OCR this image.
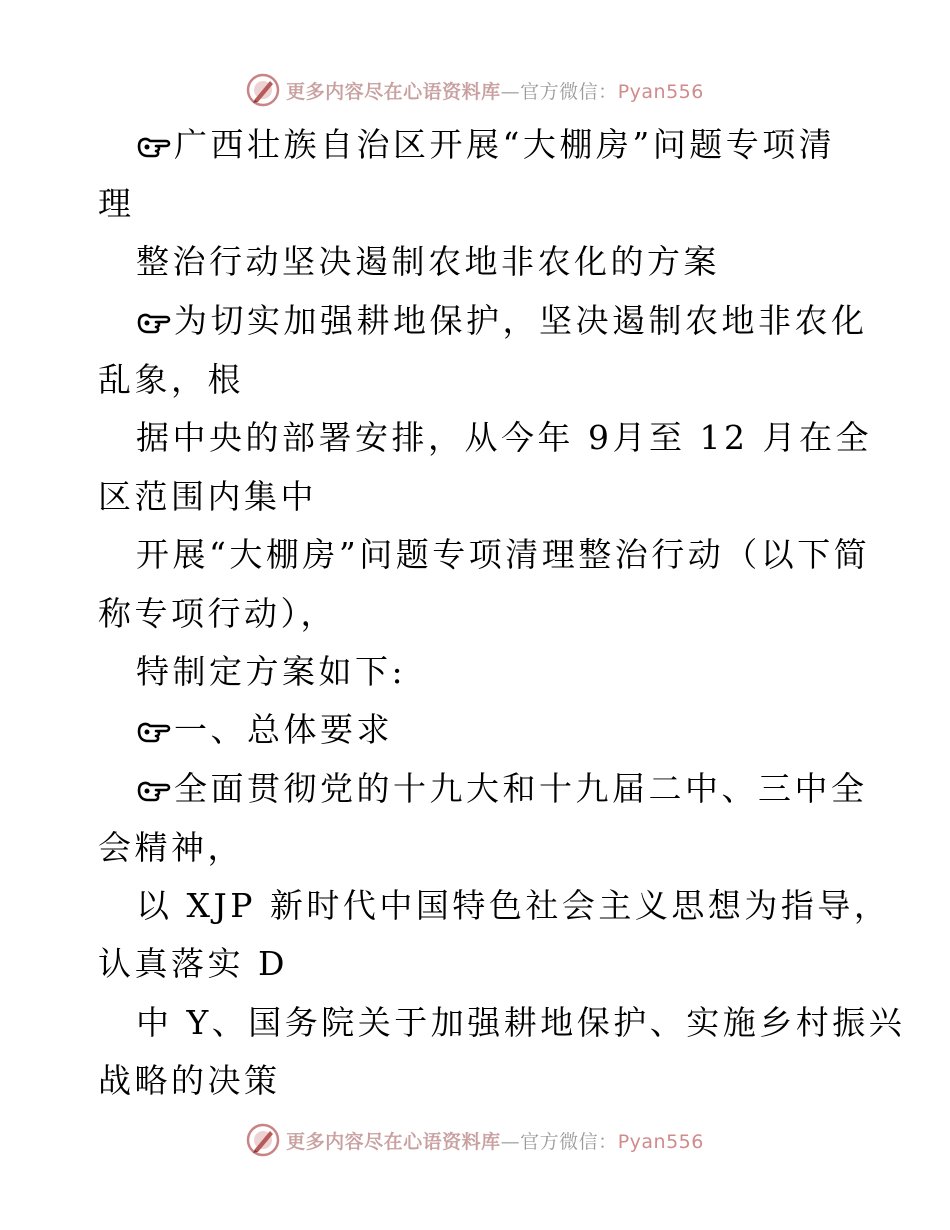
更多内容尽在心语资料库—官方微信：Pyan556
广西壮族自治区开展“大棚房”问题专项清
理
整治行动坚决遏制农地非农化的方案
为切实加强耕地保护，坚决遏制农地非农化
乱象，根
据中央的部署安排，从今年 9月至 12 月在全
区范围内集中
开展“大棚房”问题专项清理整治行动（以下简
称专项行动），
特制定方案如下:
一、总体要求
全面贯彻党的十九大和十九届二中、三中全
会精神，
以 XJP 新时代中国特色社会主义思想为指导，
认真落实 D
中 Y、国务院关于加强耕地保护、实施乡村振兴
战略的决策
更多内容尽在心语资料库—官方微信：Pyan556
